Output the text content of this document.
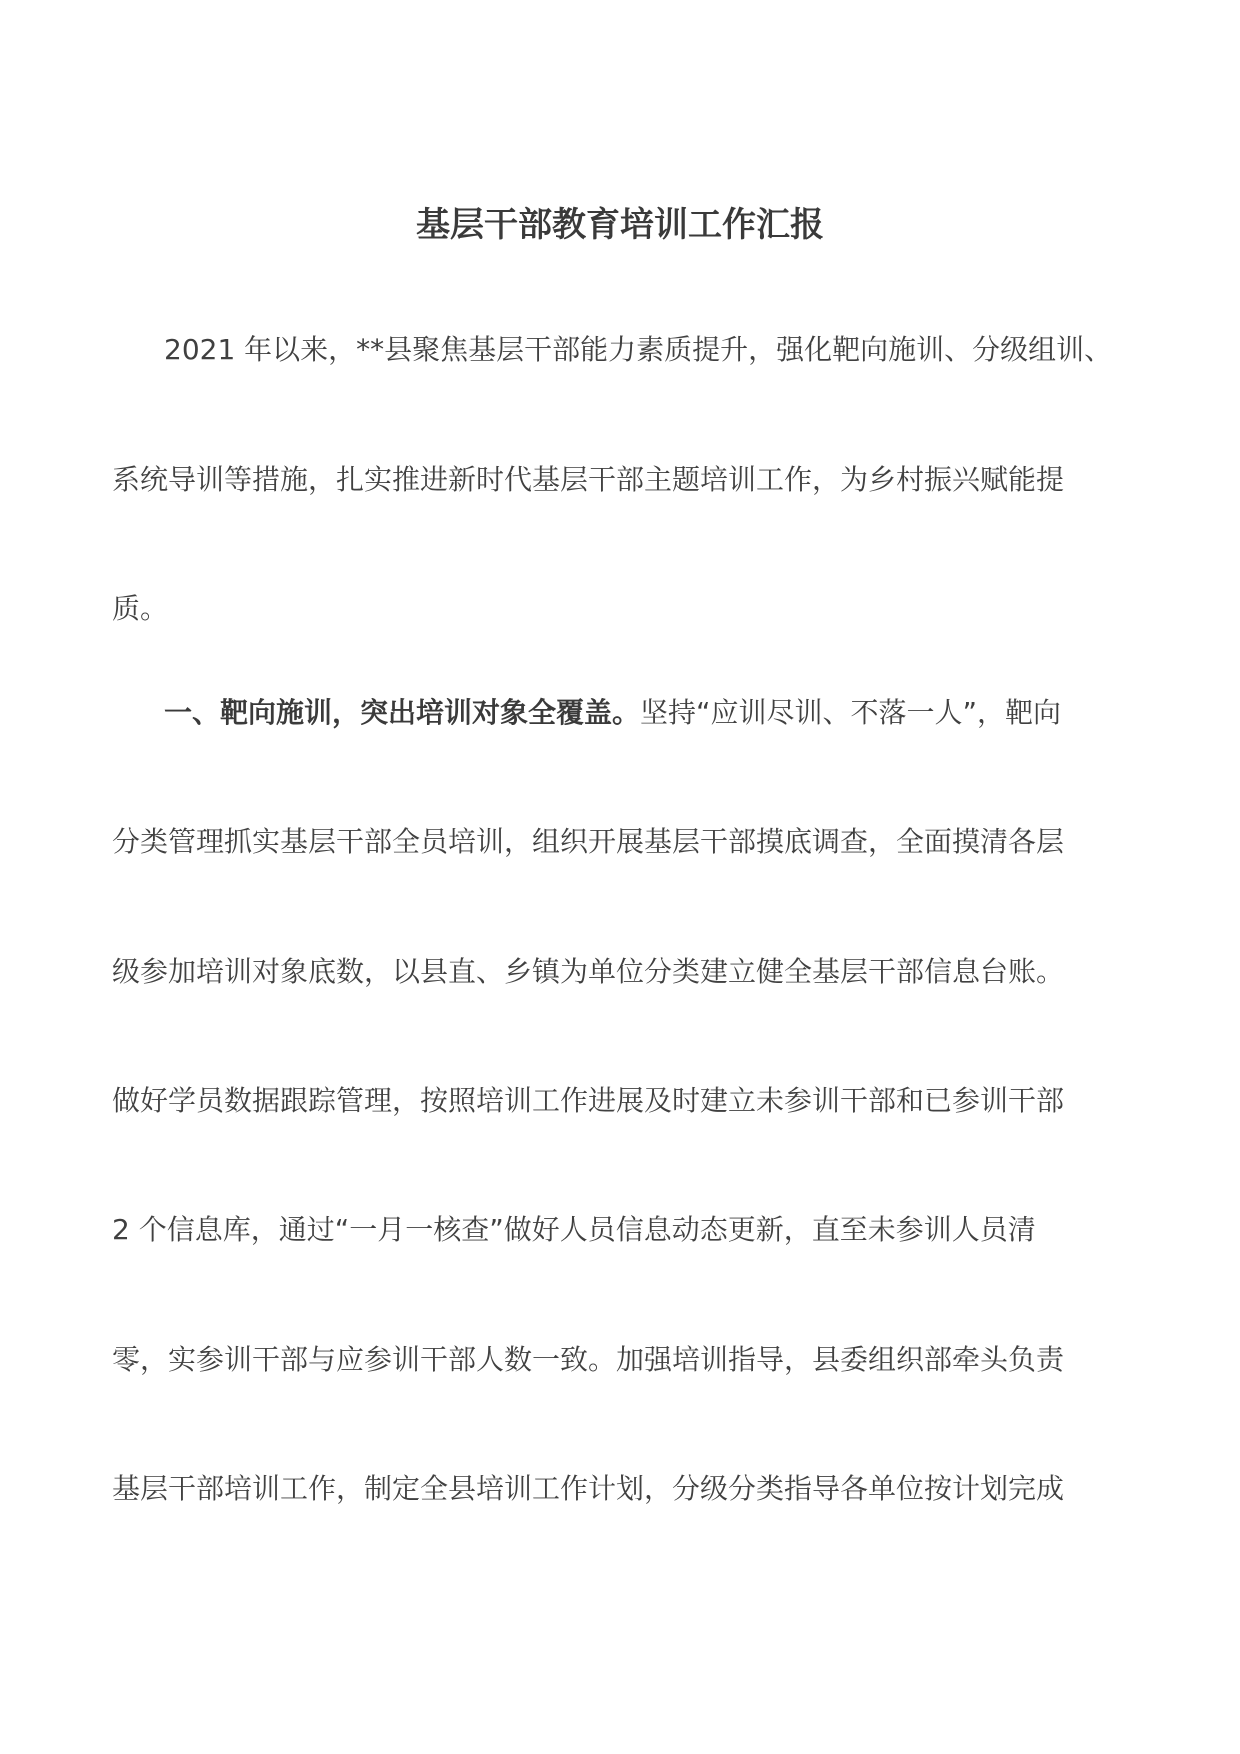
基层干部教育培训工作汇报

2021 年以来，**县聚焦基层干部能力素质提升，强化靶向施训、分级组训、

系统导训等措施，扎实推进新时代基层干部主题培训工作，为乡村振兴赋能提

质。

一、靶向施训，突出培训对象全覆盖。坚持“应训尽训、不落一人”，靶向

分类管理抓实基层干部全员培训，组织开展基层干部摸底调查，全面摸清各层

级参加培训对象底数，以县直、乡镇为单位分类建立健全基层干部信息台账。

做好学员数据跟踪管理，按照培训工作进展及时建立未参训干部和已参训干部

2 个信息库，通过“一月一核查”做好人员信息动态更新，直至未参训人员清

零，实参训干部与应参训干部人数一致。加强培训指导，县委组织部牵头负责

基层干部培训工作，制定全县培训工作计划，分级分类指导各单位按计划完成
